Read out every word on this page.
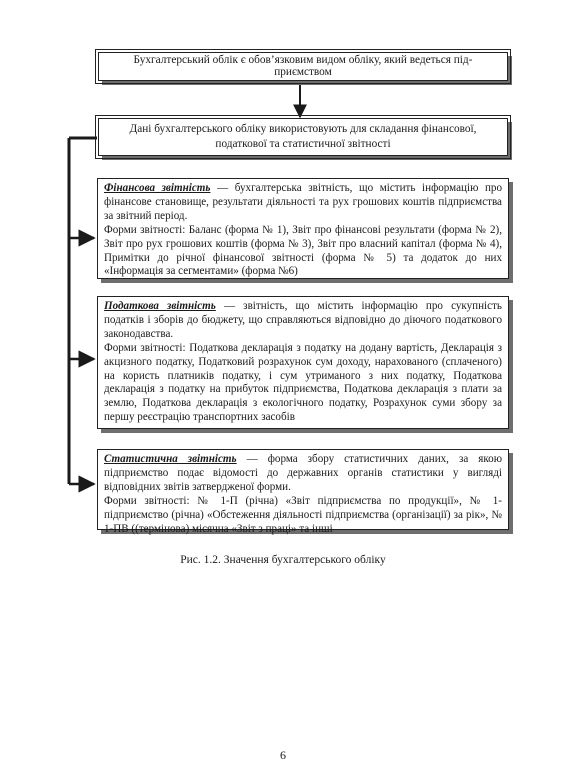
Бухгалтерський облік є обов’язковим видом обліку, який ведеться під-
приємством
Дані бухгалтерського обліку використовують для складання фінансової,
податкової та статистичної звітності
Фінансова звітність — бухгалтерська звітність, що містить інформацію про фінансове становище, результати діяльності та рух грошових коштів підприємства за звітний період.
Форми звітності: Баланс (форма № 1), Звіт про фінансові результати (форма № 2), Звіт про рух грошових коштів (форма № 3), Звіт про власний капітал (форма № 4), Примітки до річної фінансової звітності (форма № 5) та додаток до них «Інформація за сегментами» (форма №6)
Податкова звітність — звітність, що містить інформацію про сукупність податків і зборів до бюджету, що справляються відповідно до діючого податкового законодавства.
Форми звітності: Податкова декларація з податку на додану вартість, Декларація з акцизного податку, Податковий розрахунок сум доходу, нарахованого (сплаченого) на користь платників податку, і сум утриманого з них податку, Податкова декларація з податку на прибуток підприємства, Податкова декларація з плати за землю, Податкова декларація з екологічного податку, Розрахунок суми збору за першу реєстрацію транспортних засобів
Статистична звітність — форма збору статистичних даних, за якою підприємство подає відомості до державних органів статистики у вигляді відповідних звітів затвердженої форми.
Форми звітності: № 1-П (річна) «Звіт підприємства по продукції», № 1-підприємство (річна) «Обстеження діяльності підприємства (організації) за рік», № 1-ПВ ((термінова) місячна «Звіт з праці» та інші
Рис. 1.2. Значення бухгалтерського обліку
6
